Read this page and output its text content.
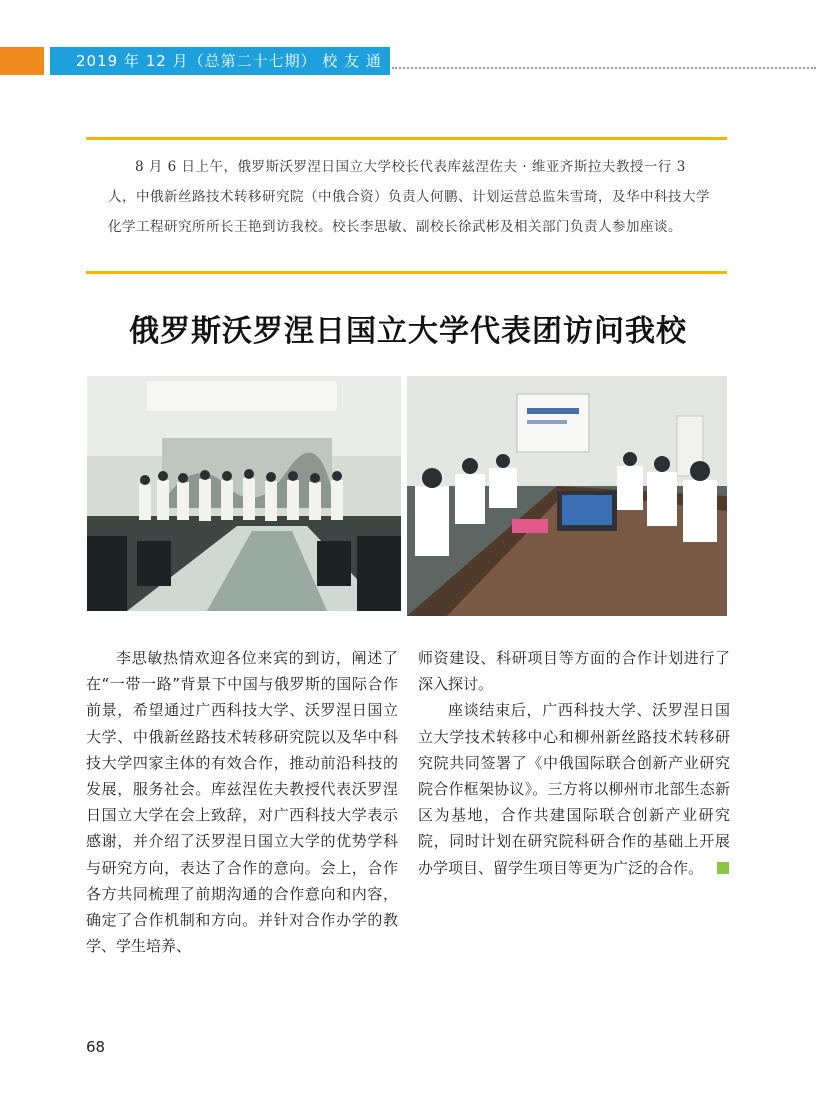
2019 年 12 月（总第二十七期） 校 友 通 讯
8 月 6 日上午，俄罗斯沃罗涅日国立大学校长代表库兹涅佐夫 · 维亚齐斯拉夫教授一行 3 人，中俄新丝路技术转移研究院（中俄合资）负责人何鹏、计划运营总监朱雪琦，及华中科技大学化学工程研究所所长王艳到访我校。校长李思敏、副校长徐武彬及相关部门负责人参加座谈。
俄罗斯沃罗涅日国立大学代表团访问我校

李思敏热情欢迎各位来宾的到访，阐述了在“一带一路”背景下中国与俄罗斯的国际合作前景，希望通过广西科技大学、沃罗涅日国立大学、中俄新丝路技术转移研究院以及华中科技大学四家主体的有效合作，推动前沿科技的发展，服务社会。库兹涅佐夫教授代表沃罗涅日国立大学在会上致辞，对广西科技大学表示感谢，并介绍了沃罗涅日国立大学的优势学科与研究方向，表达了合作的意向。会上，合作各方共同梳理了前期沟通的合作意向和内容，确定了合作机制和方向。并针对合作办学的教学、学生培养、

师资建设、科研项目等方面的合作计划进行了深入探讨。

座谈结束后，广西科技大学、沃罗涅日国立大学技术转移中心和柳州新丝路技术转移研究院共同签署了《中俄国际联合创新产业研究院合作框架协议》。三方将以柳州市北部生态新区为基地，合作共建国际联合创新产业研究院，同时计划在研究院科研合作的基础上开展办学项目、留学生项目等更为广泛的合作。

68
